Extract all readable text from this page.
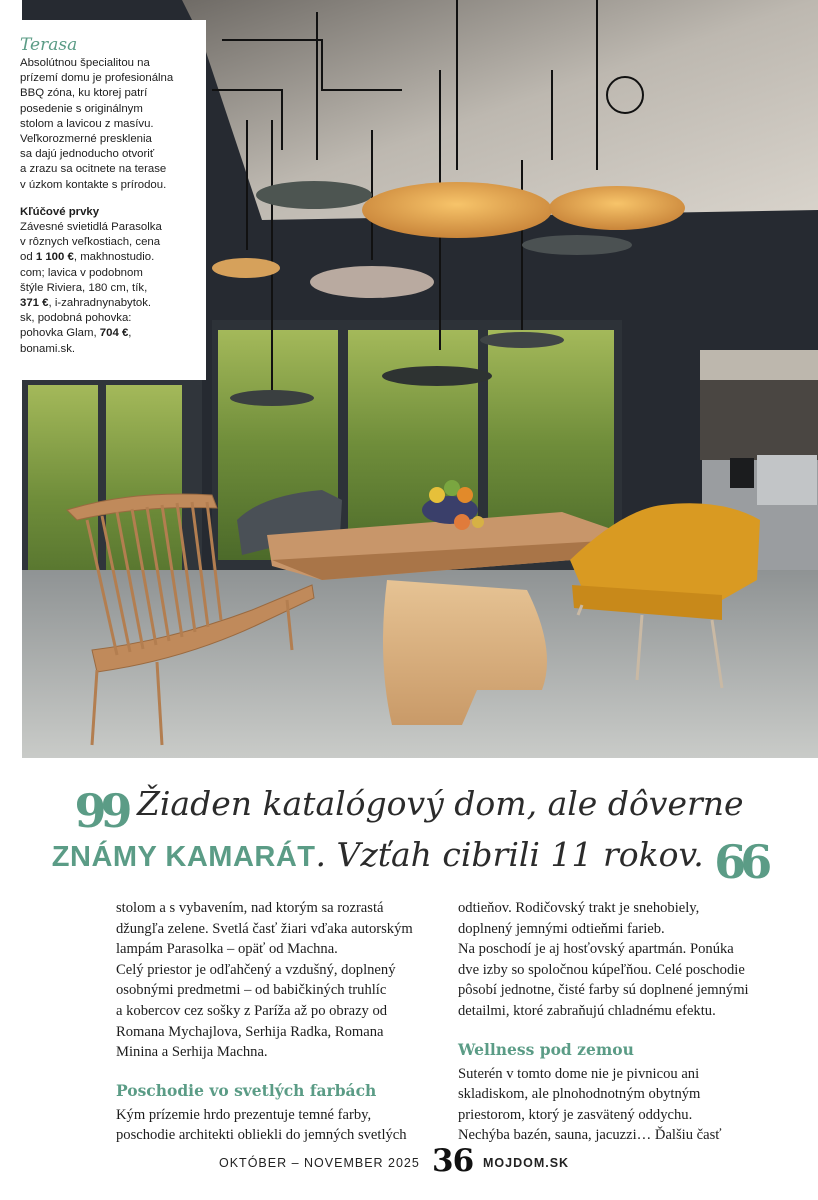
Terasa

Absolútnou špecialitou na
prízemí domu je profesionálna
BBQ zóna, ku ktorej patrí
posedenie s originálnym
stolom a lavicou z masívu.
Veľkorozmerné presklenia
sa dajú jednoducho otvoriť
a zrazu sa ocitnete na terase
v úzkom kontakte s prírodou.

Kľúčové prvky

Závesné svietidlá Parasolka
v rôznych veľkostiach, cena
od 1 100 €, makhnostudio.
com; lavica v podobnom
štýle Riviera, 180 cm, tík,
371 €, i-zahradnynabytok.
sk, podobná pohovka:
pohovka Glam, 704 €,
bonami.sk.

99 Žiaden katalógový dom, ale dôverne
ZNÁMY KAMARÁT. Vzťah cibrili 11 rokov. 66

stolom a s vybavením, nad ktorým sa rozrastá
džungľa zelene. Svetlá časť žiari vďaka autorským
lampám Parasolka – opäť od Machna.
Celý priestor je odľahčený a vzdušný, doplnený
osobnými predmetmi – od babičkiných truhlíc
a kobercov cez sošky z Paríža až po obrazy od
Romana Mychajlova, Serhija Radka, Romana
Minina a Serhija Machna.

Poschodie vo svetlých farbách

Kým prízemie hrdo prezentuje temné farby,
poschodie architekti obliekli do jemných svetlých

odtieňov. Rodičovský trakt je snehobiely,
doplnený jemnými odtieňmi farieb.
Na poschodí je aj hosťovský apartmán. Ponúka
dve izby so spoločnou kúpeľňou. Celé poschodie
pôsobí jednotne, čisté farby sú doplnené jemnými
detailmi, ktoré zabraňujú chladnému efektu.

Wellness pod zemou

Suterén v tomto dome nie je pivnicou ani
skladiskom, ale plnohodnotným obytným
priestorom, ktorý je zasvätený oddychu.
Nechýba bazén, sauna, jacuzzi… Ďalšiu časť

OKTÓBER – NOVEMBER 2025 36 MOJDOM.SK
